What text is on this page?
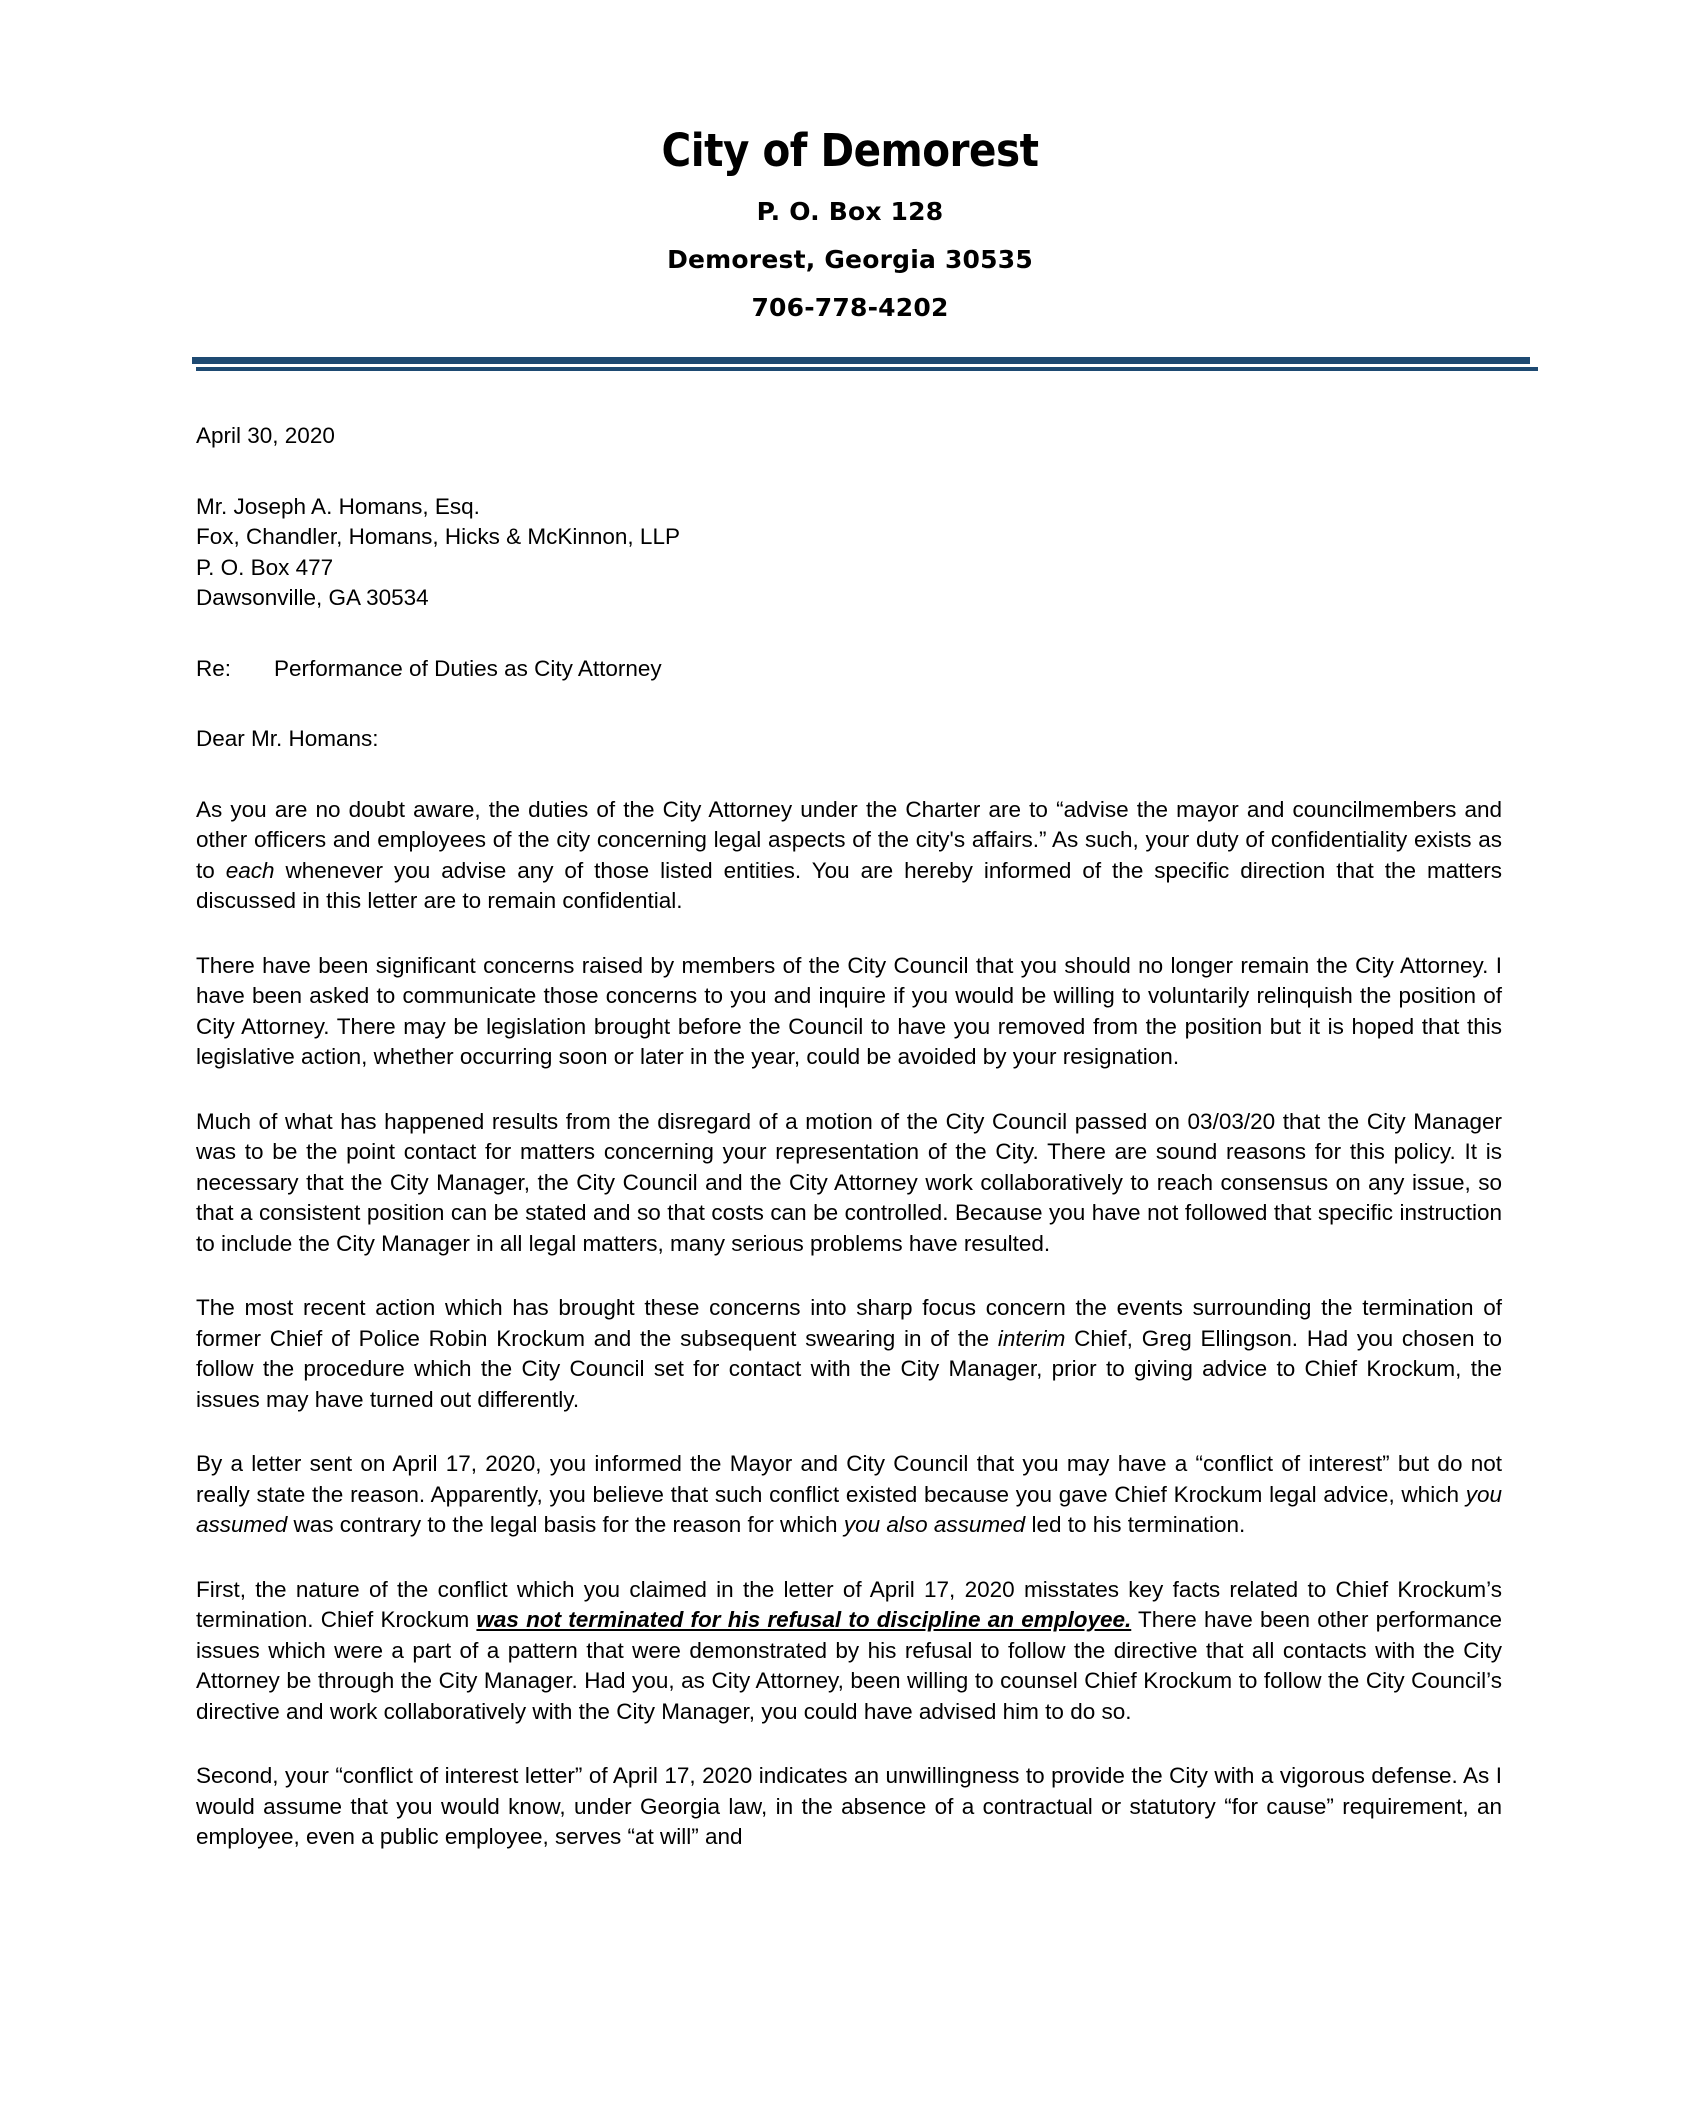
City of Demorest
P. O. Box 128
Demorest, Georgia 30535
706-778-4202
April 30, 2020
Mr. Joseph A. Homans, Esq.
Fox, Chandler, Homans, Hicks & McKinnon, LLP
P. O. Box 477
Dawsonville, GA 30534
Re: Performance of Duties as City Attorney
Dear Mr. Homans:

As you are no doubt aware, the duties of the City Attorney under the Charter are to “advise the mayor and councilmembers and other officers and employees of the city concerning legal aspects of the city's affairs.” As such, your duty of confidentiality exists as to each whenever you advise any of those listed entities. You are hereby informed of the specific direction that the matters discussed in this letter are to remain confidential.

There have been significant concerns raised by members of the City Council that you should no longer remain the City Attorney. I have been asked to communicate those concerns to you and inquire if you would be willing to voluntarily relinquish the position of City Attorney. There may be legislation brought before the Council to have you removed from the position but it is hoped that this legislative action, whether occurring soon or later in the year, could be avoided by your resignation.

Much of what has happened results from the disregard of a motion of the City Council passed on 03/03/20 that the City Manager was to be the point contact for matters concerning your representation of the City. There are sound reasons for this policy. It is necessary that the City Manager, the City Council and the City Attorney work collaboratively to reach consensus on any issue, so that a consistent position can be stated and so that costs can be controlled. Because you have not followed that specific instruction to include the City Manager in all legal matters, many serious problems have resulted.

The most recent action which has brought these concerns into sharp focus concern the events surrounding the termination of former Chief of Police Robin Krockum and the subsequent swearing in of the interim Chief, Greg Ellingson. Had you chosen to follow the procedure which the City Council set for contact with the City Manager, prior to giving advice to Chief Krockum, the issues may have turned out differently.

By a letter sent on April 17, 2020, you informed the Mayor and City Council that you may have a “conflict of interest” but do not really state the reason. Apparently, you believe that such conflict existed because you gave Chief Krockum legal advice, which you assumed was contrary to the legal basis for the reason for which you also assumed led to his termination.

First, the nature of the conflict which you claimed in the letter of April 17, 2020 misstates key facts related to Chief Krockum’s termination. Chief Krockum was not terminated for his refusal to discipline an employee. There have been other performance issues which were a part of a pattern that were demonstrated by his refusal to follow the directive that all contacts with the City Attorney be through the City Manager. Had you, as City Attorney, been willing to counsel Chief Krockum to follow the City Council’s directive and work collaboratively with the City Manager, you could have advised him to do so.

Second, your “conflict of interest letter” of April 17, 2020 indicates an unwillingness to provide the City with a vigorous defense. As I would assume that you would know, under Georgia law, in the absence of a contractual or statutory “for cause” requirement, an employee, even a public employee, serves “at will” and
